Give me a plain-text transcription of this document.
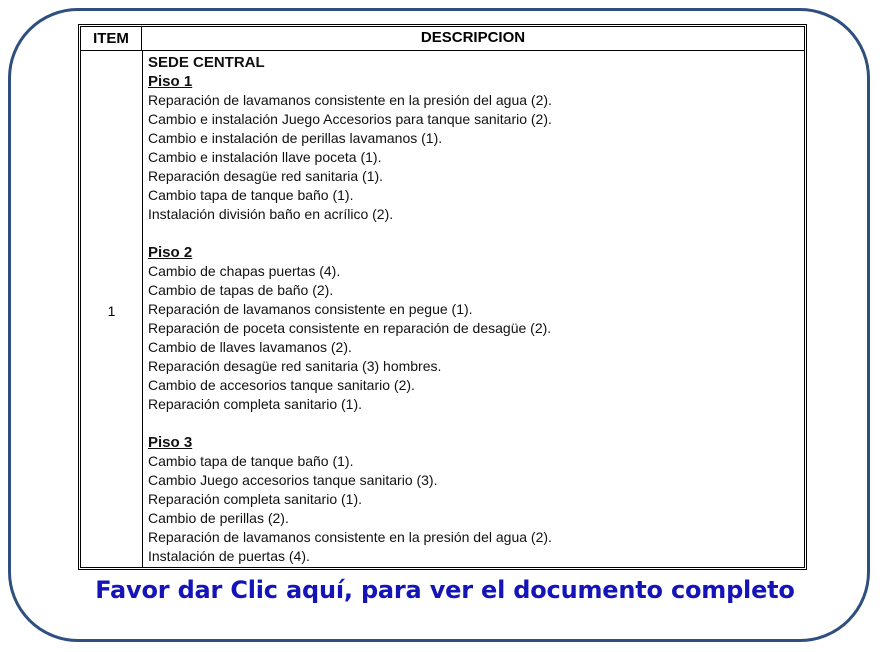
ITEM	DESCRIPCION
1
SEDE CENTRAL
Piso 1
Reparación de lavamanos consistente en la presión del agua (2).
Cambio e instalación Juego Accesorios para tanque sanitario (2).
Cambio e instalación de perillas lavamanos (1).
Cambio e instalación llave poceta (1).
Reparación desagüe red sanitaria (1).
Cambio tapa de tanque baño (1).
Instalación división baño en acrílico (2).
Piso 2
Cambio de chapas puertas (4).
Cambio de tapas de baño (2).
Reparación de lavamanos consistente en pegue (1).
Reparación de poceta consistente en reparación de desagüe (2).
Cambio de llaves lavamanos (2).
Reparación desagüe red sanitaria (3) hombres.
Cambio de accesorios tanque sanitario (2).
Reparación completa sanitario (1).
Piso 3
Cambio tapa de tanque baño (1).
Cambio Juego accesorios tanque sanitario (3).
Reparación completa sanitario (1).
Cambio de perillas (2).
Reparación de lavamanos consistente en la presión del agua (2).
Instalación de puertas (4).
Favor dar Clic aquí, para ver el documento completo
